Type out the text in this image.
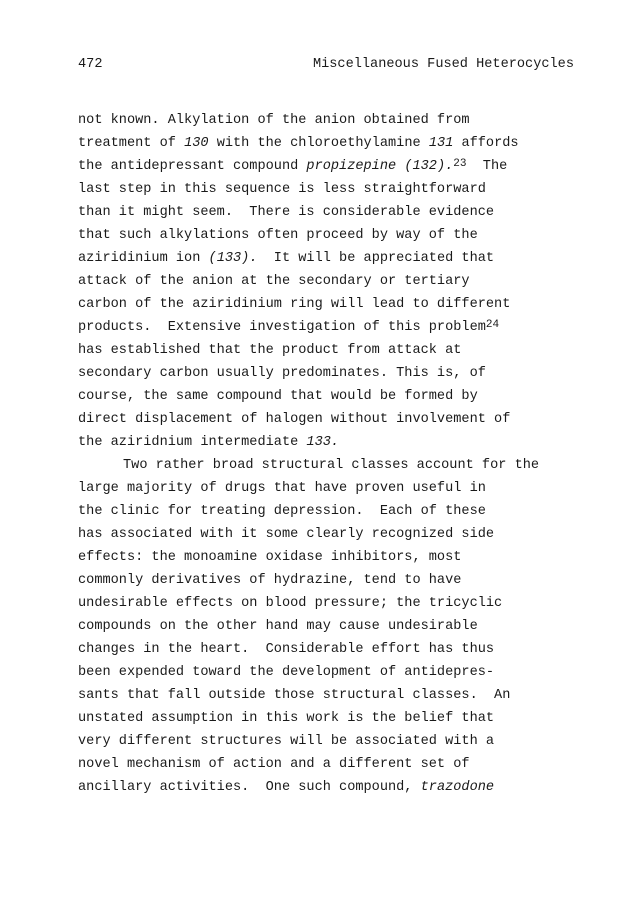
472	Miscellaneous Fused Heterocycles
not known. Alkylation of the anion obtained from
treatment of 130 with the chloroethylamine 131 affords
the antidepressant compound propizepine (132).$^{23}$  The
last step in this sequence is less straightforward
than it might seem.  There is considerable evidence
that such alkylations often proceed by way of the
aziridinium ion (133).  It will be appreciated that
attack of the anion at the secondary or tertiary
carbon of the aziridinium ring will lead to different
products.  Extensive investigation of this problem$^{24}$
has established that the product from attack at
secondary carbon usually predominates. This is, of
course, the same compound that would be formed by
direct displacement of halogen without involvement of
the aziridnium intermediate 133.
Two rather broad structural classes account for the
large majority of drugs that have proven useful in
the clinic for treating depression.  Each of these
has associated with it some clearly recognized side
effects: the monoamine oxidase inhibitors, most
commonly derivatives of hydrazine, tend to have
undesirable effects on blood pressure; the tricyclic
compounds on the other hand may cause undesirable
changes in the heart.  Considerable effort has thus
been expended toward the development of antidepres-
sants that fall outside those structural classes.  An
unstated assumption in this work is the belief that
very different structures will be associated with a
novel mechanism of action and a different set of
ancillary activities.  One such compound, trazodone
